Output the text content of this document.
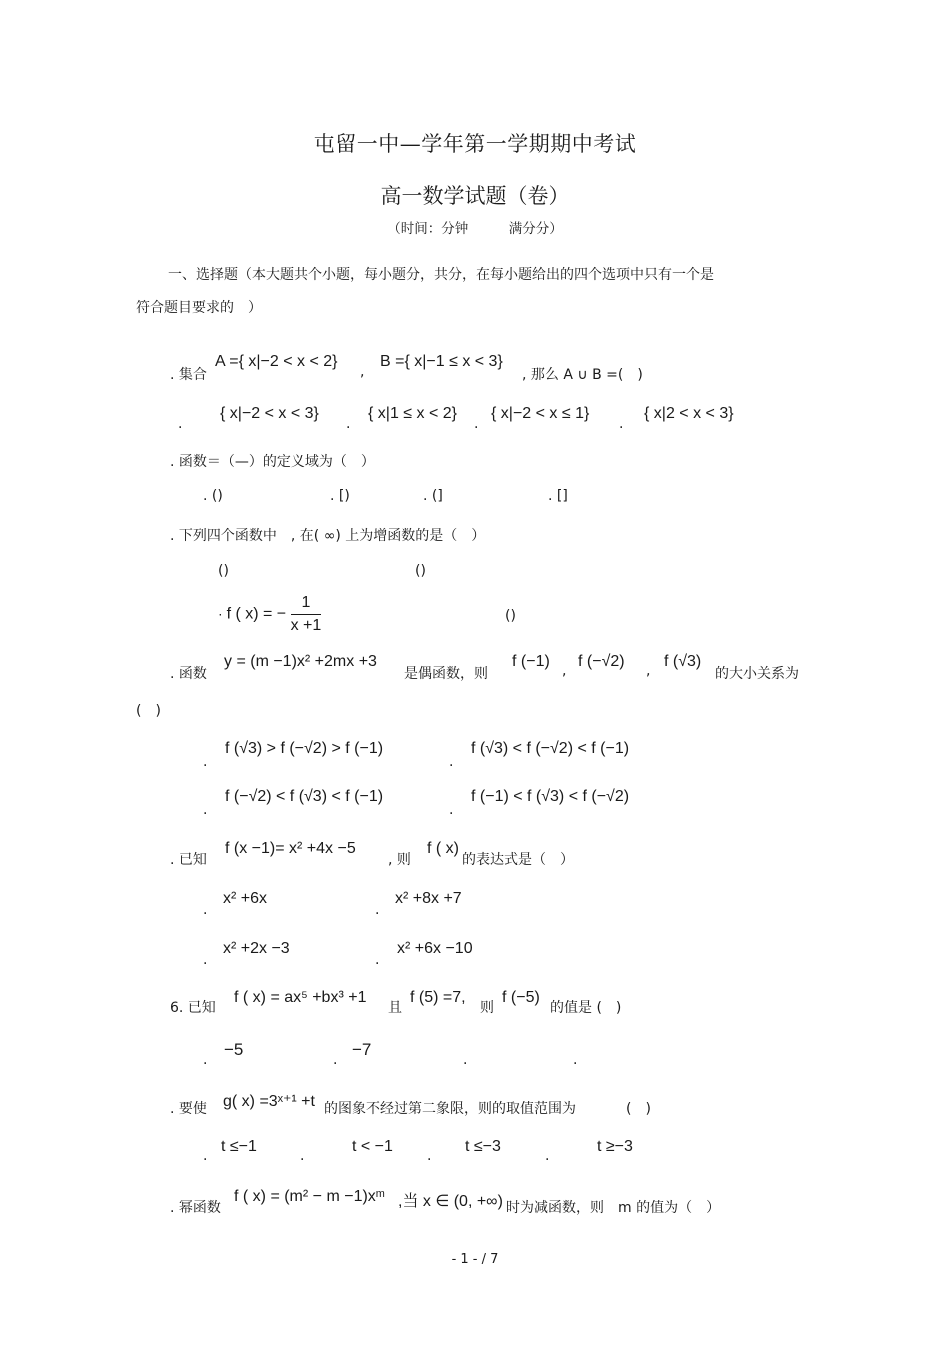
屯留一中—学年第一学期期中考试
高一数学试题（卷）
（时间：分钟　　　满分分）
一、选择题（本大题共个小题，每小题分，共分，在每小题给出的四个选项中只有一个是
符合题目要求的　）
. 集合
A ={ x|−2 < x < 2}
,
B ={ x|−1 ≤ x < 3}
, 那么 A ∪ B =(　)
.
{ x|−2 < x < 3}
.
{ x|1 ≤ x < 2}
.
{ x|−2 < x ≤ 1}
.
{ x|2 < x < 3}
. 函数＝（—）的定义域为（　）
. ()	. [)	. (]	. []
. 下列四个函数中　, 在( ∞) 上为增函数的是（　）
()	()
· f ( x) = − $\frac{1}{x +1}$	()
. 函数
y = (m −1)x² +2mx +3
是偶函数，则
f (−1)
,
f (−√2)
,
f (√3)
的大小关系为
(　)
.
f (√3) > f (−√2) > f (−1)
.
f (√3) < f (−√2) < f (−1)
.
f (−√2) < f (√3) < f (−1)
.
f (−1) < f (√3) < f (−√2)
. 已知
f (x −1)= x² +4x −5
, 则
f ( x)
的表达式是（　）
.
x² +6x
.
x² +8x +7
.
x² +2x −3
.
x² +6x −10
6. 已知
f ( x) = ax⁵ +bx³ +1
且
f (5) =7,
则
f (−5)
的值是 (　)
.
−5
.
−7
.	.
. 要使 g( x) =3ˣ⁺¹ +t 的图象不经过第二象限，则的取值范围为	(　)
.
t ≤−1
.
t < −1
.
t ≤−3
.
t ≥−3
. 幂函数
f ( x) = (m² − m −1)xᵐ ,当 x ∈ (0, +∞) 时为减函数，则　m 的值为（　）
- 1 - / 7
